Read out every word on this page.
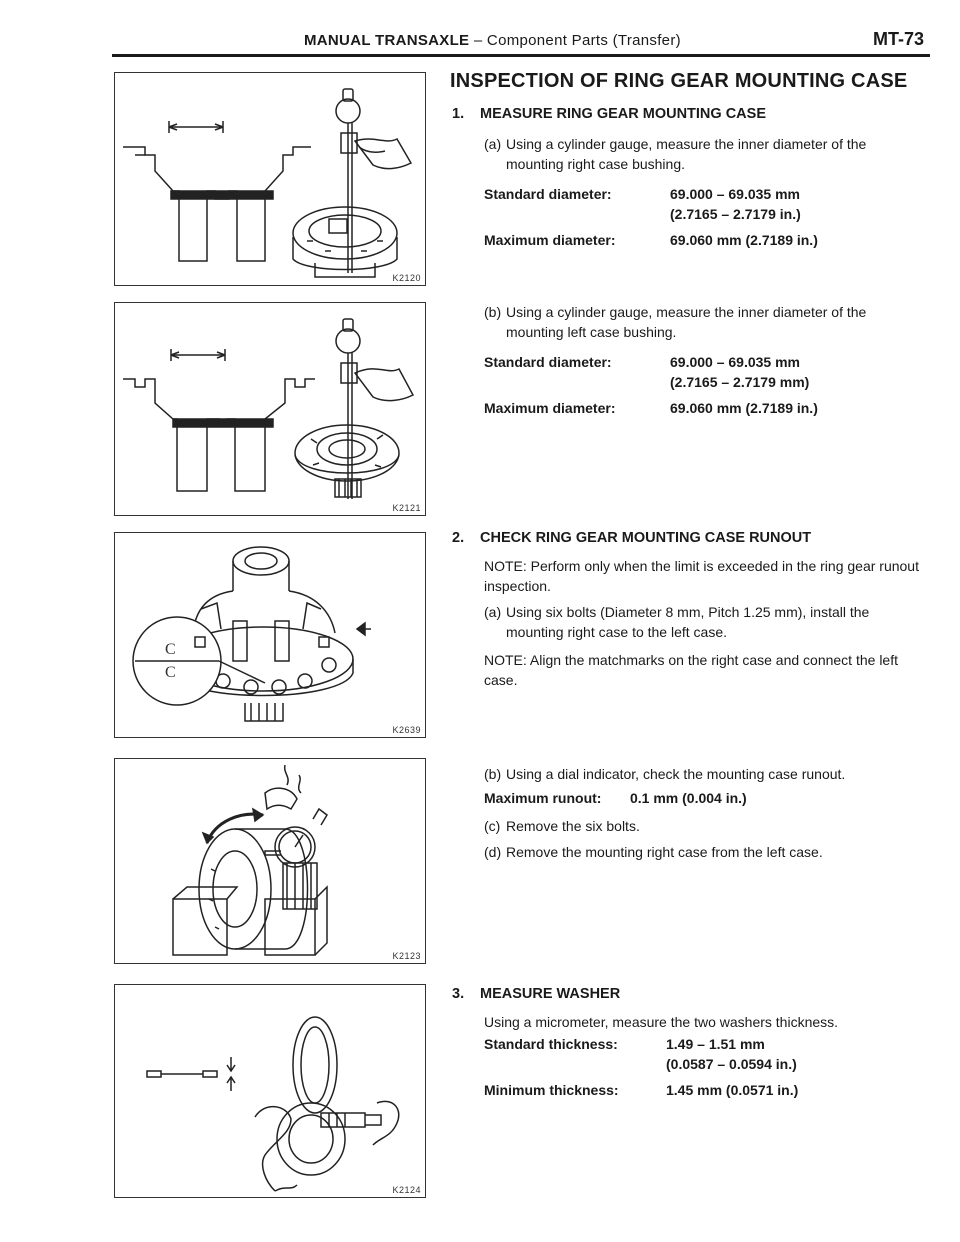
MANUAL TRANSAXLE – Component Parts (Transfer)	MT-73
K2120
K2121
C
C
K2639
K2123
K2124
INSPECTION OF RING GEAR MOUNTING CASE
1. MEASURE RING GEAR MOUNTING CASE
(a) Using a cylinder gauge, measure the inner diameter of the mounting right case bushing.
Standard diameter:	69.000 – 69.035 mm
(2.7165 – 2.7179 in.)
Maximum diameter:	69.060 mm (2.7189 in.)
(b) Using a cylinder gauge, measure the inner diameter of the mounting left case bushing.
Standard diameter:	69.000 – 69.035 mm
(2.7165 – 2.7179 mm)
Maximum diameter:	69.060 mm (2.7189 in.)
2. CHECK RING GEAR MOUNTING CASE RUNOUT
NOTE: Perform only when the limit is exceeded in the ring gear runout inspection.
(a) Using six bolts (Diameter 8 mm, Pitch 1.25 mm), install the mounting right case to the left case.
NOTE: Align the matchmarks on the right case and connect the left case.
(b) Using a dial indicator, check the mounting case runout.
Maximum runout: 0.1 mm (0.004 in.)
(c) Remove the six bolts.
(d) Remove the mounting right case from the left case.
3. MEASURE WASHER
Using a micrometer, measure the two washers thickness.
Standard thickness:	1.49 – 1.51 mm
(0.0587 – 0.0594 in.)
Minimum thickness:	1.45 mm (0.0571 in.)
